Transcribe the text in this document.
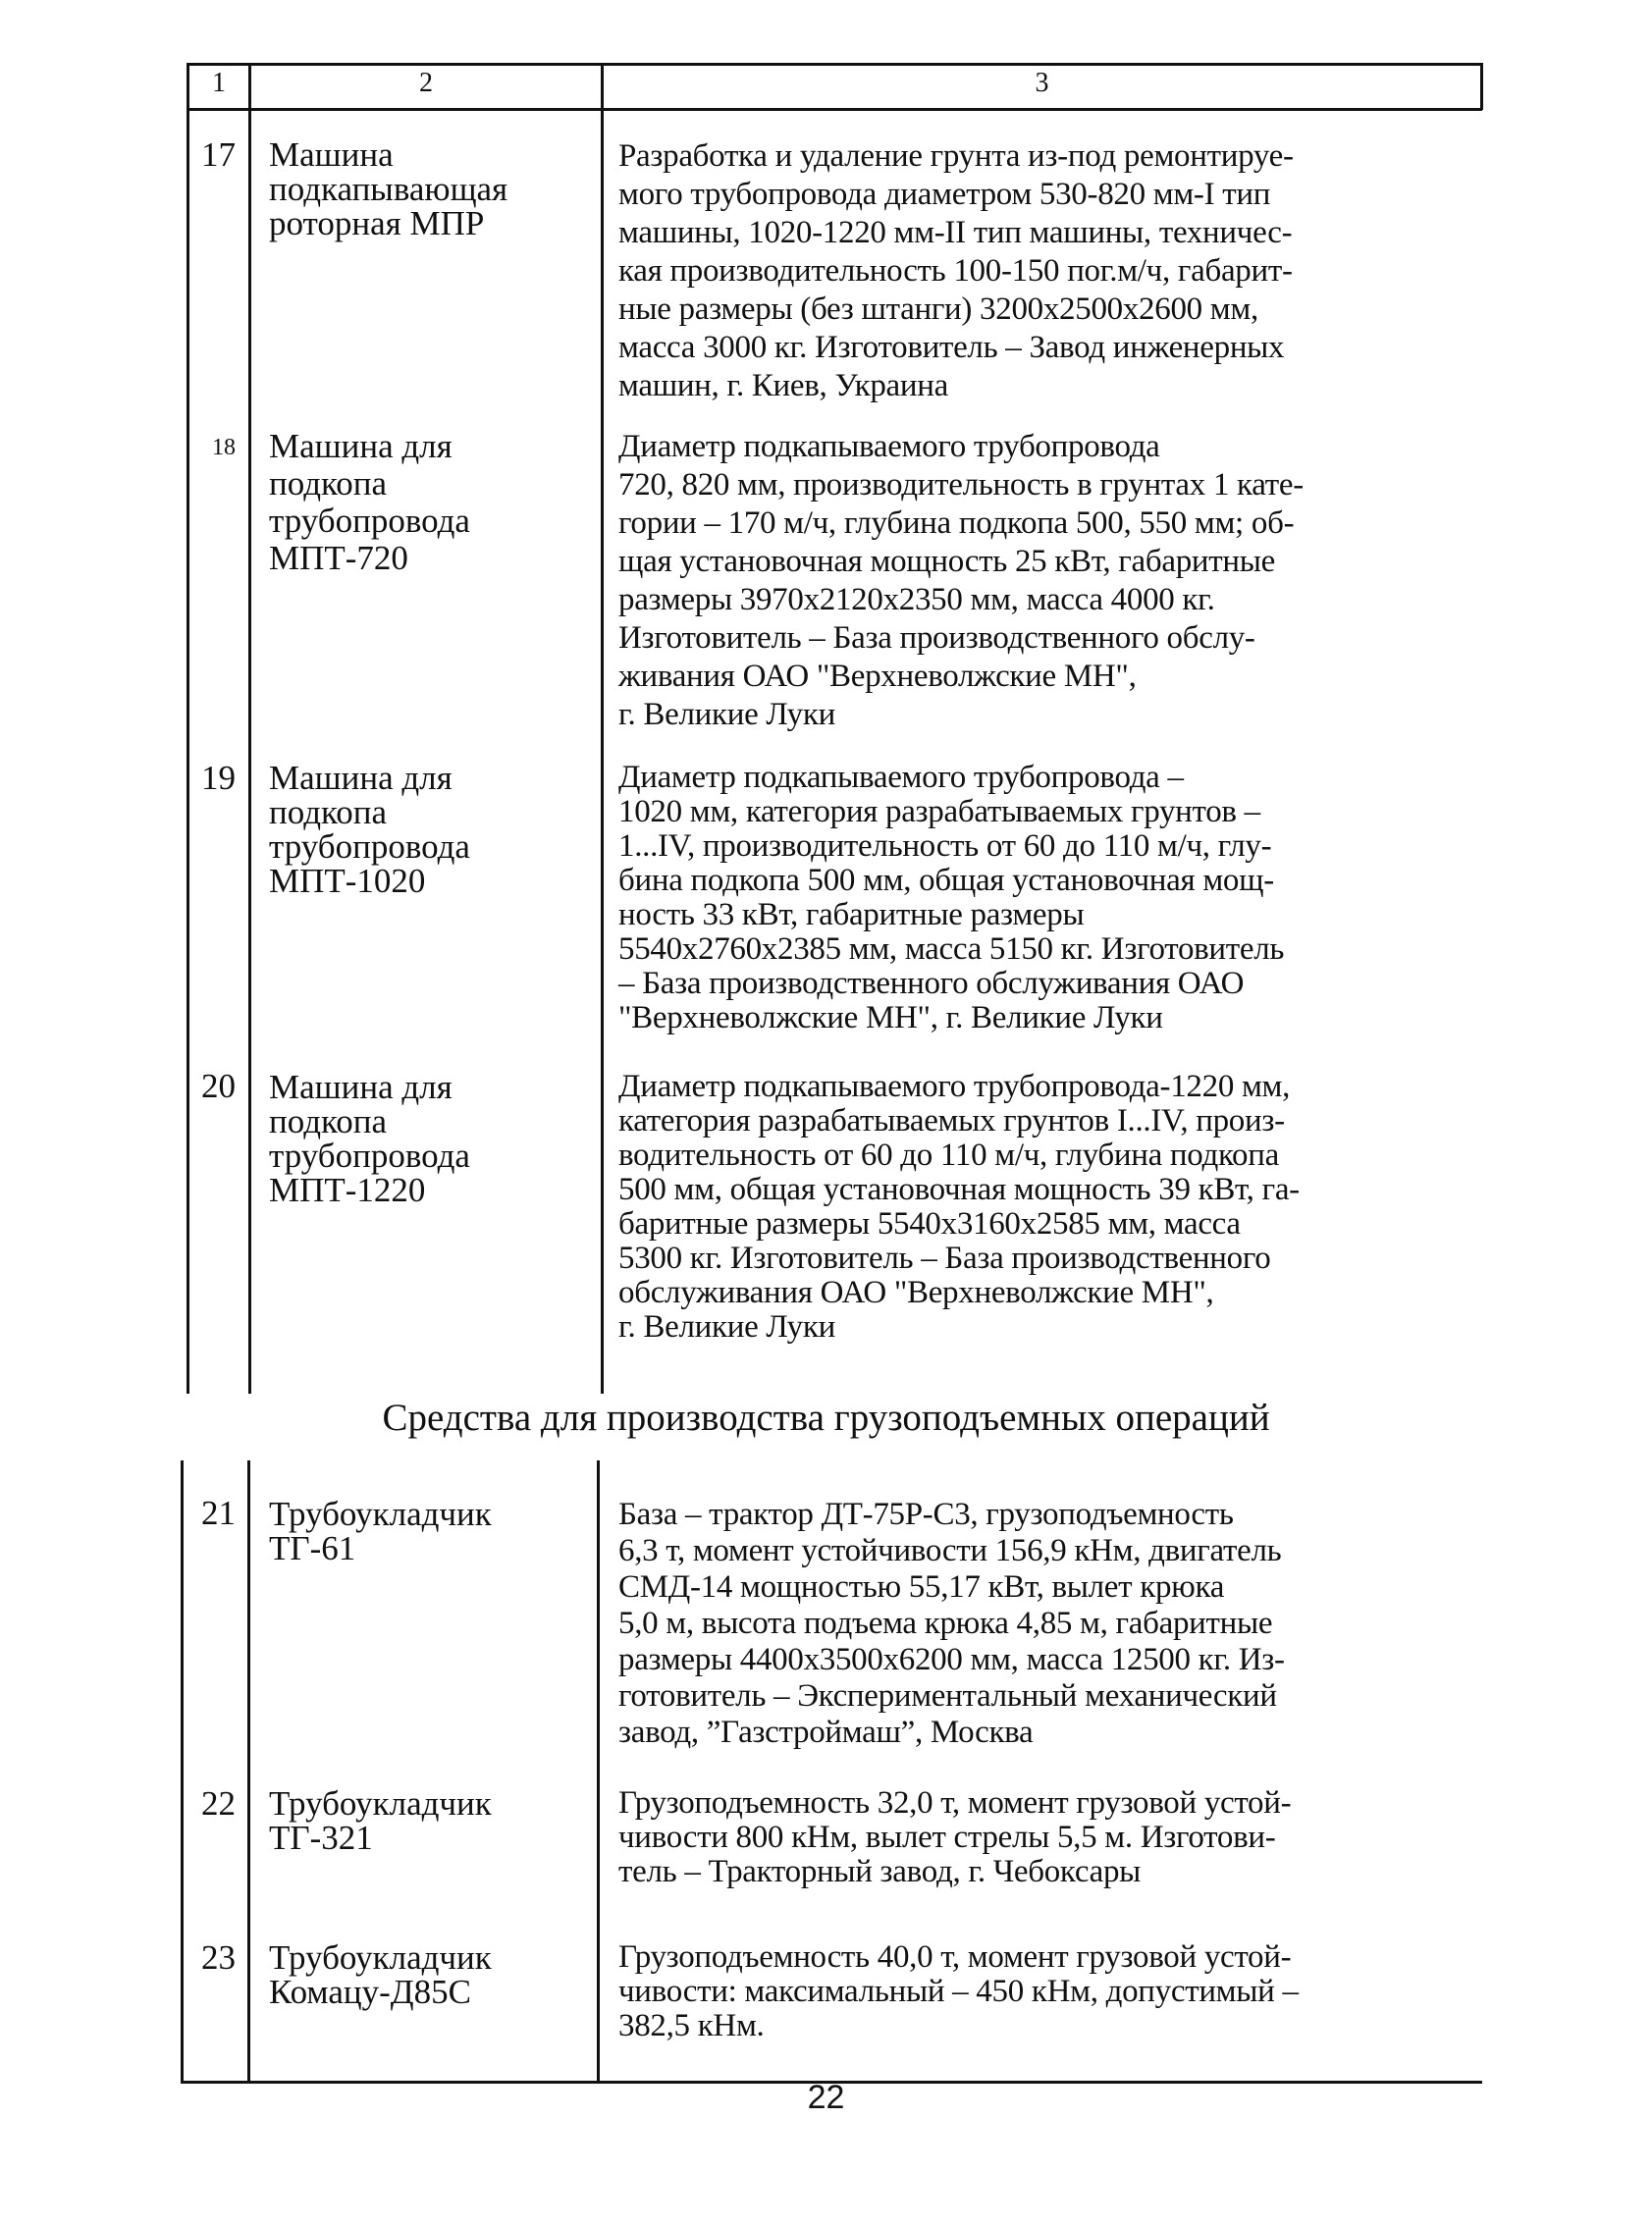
1	2	3
17 Машина
подкапывающая
роторная МПР
Разработка и удаление грунта из-под ремонтируе-
мого трубопровода диаметром 530-820 мм-I тип
машины, 1020-1220 мм-II тип машины, техничес-
кая производительность 100-150 пог.м/ч, габарит-
ные размеры (без штанги) 3200х2500х2600 мм,
масса 3000 кг. Изготовитель – Завод инженерных
машин, г. Киев, Украина
18 Машина для
подкопа
трубопровода
МПТ-720
Диаметр подкапываемого трубопровода
720, 820 мм, производительность в грунтах 1 кате-
гории – 170 м/ч, глубина подкопа 500, 550 мм; об-
щая установочная мощность 25 кВт, габаритные
размеры 3970х2120х2350 мм, масса 4000 кг.
Изготовитель – База производственного обслу-
живания ОАО "Верхневолжские МН",
г. Великие Луки
19 Машина для
подкопа
трубопровода
МПТ-1020
Диаметр подкапываемого трубопровода –
1020 мм, категория разрабатываемых грунтов –
1...IV, производительность от 60 до 110 м/ч, глу-
бина подкопа 500 мм, общая установочная мощ-
ность 33 кВт, габаритные размеры
5540х2760х2385 мм, масса 5150 кг. Изготовитель
– База производственного обслуживания ОАО
"Верхневолжские МН", г. Великие Луки
20 Машина для
подкопа
трубопровода
МПТ-1220
Диаметр подкапываемого трубопровода-1220 мм,
категория разрабатываемых грунтов I...IV, произ-
водительность от 60 до 110 м/ч, глубина подкопа
500 мм, общая установочная мощность 39 кВт, га-
баритные размеры 5540х3160х2585 мм, масса
5300 кг. Изготовитель – База производственного
обслуживания ОАО "Верхневолжские МН",
г. Великие Луки
Средства для производства грузоподъемных операций
21 Трубоукладчик
ТГ-61
База – трактор ДТ-75Р-С3, грузоподъемность
6,3 т, момент устойчивости 156,9 кНм, двигатель
СМД-14 мощностью 55,17 кВт, вылет крюка
5,0 м, высота подъема крюка 4,85 м, габаритные
размеры 4400х3500х6200 мм, масса 12500 кг. Из-
готовитель – Экспериментальный механический
завод, ”Газстроймаш”, Москва
22 Трубоукладчик
ТГ-321
Грузоподъемность 32,0 т, момент грузовой устой-
чивости 800 кНм, вылет стрелы 5,5 м. Изготови-
тель – Тракторный завод, г. Чебоксары
23 Трубоукладчик
Комацу-Д85С
Грузоподъемность 40,0 т, момент грузовой устой-
чивости: максимальный – 450 кНм, допустимый –
382,5 кНм.
22
